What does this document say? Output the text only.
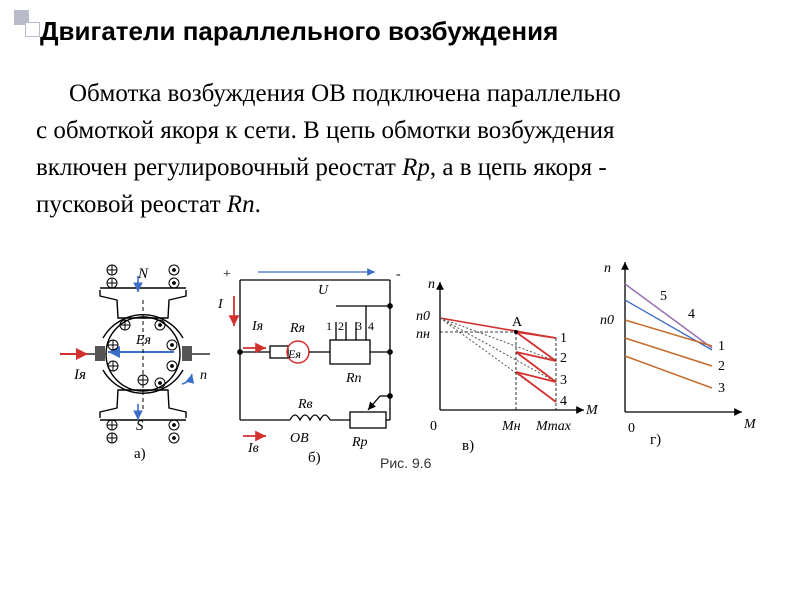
Двигатели параллельного возбуждения

Обмотка возбуждения ОВ подключена параллельно
с обмоткой якоря к сети. В цепь обмотки возбуждения
включен регулировочный реостат Rp, а в цепь якоря -
пусковой реостат Rп.

N
S
Eя
Iя	n
а)
+	-
U
I
Iя Rя
Eя
1 2 3 4
Rп
Rв
ОВ
Iв	Rр
б)
n
n0
nн
A
1
2
3
4
M
0	Mн Mmax
в)
n
n0
5
4
1
2
3
M
0
г)
Рис. 9.6
